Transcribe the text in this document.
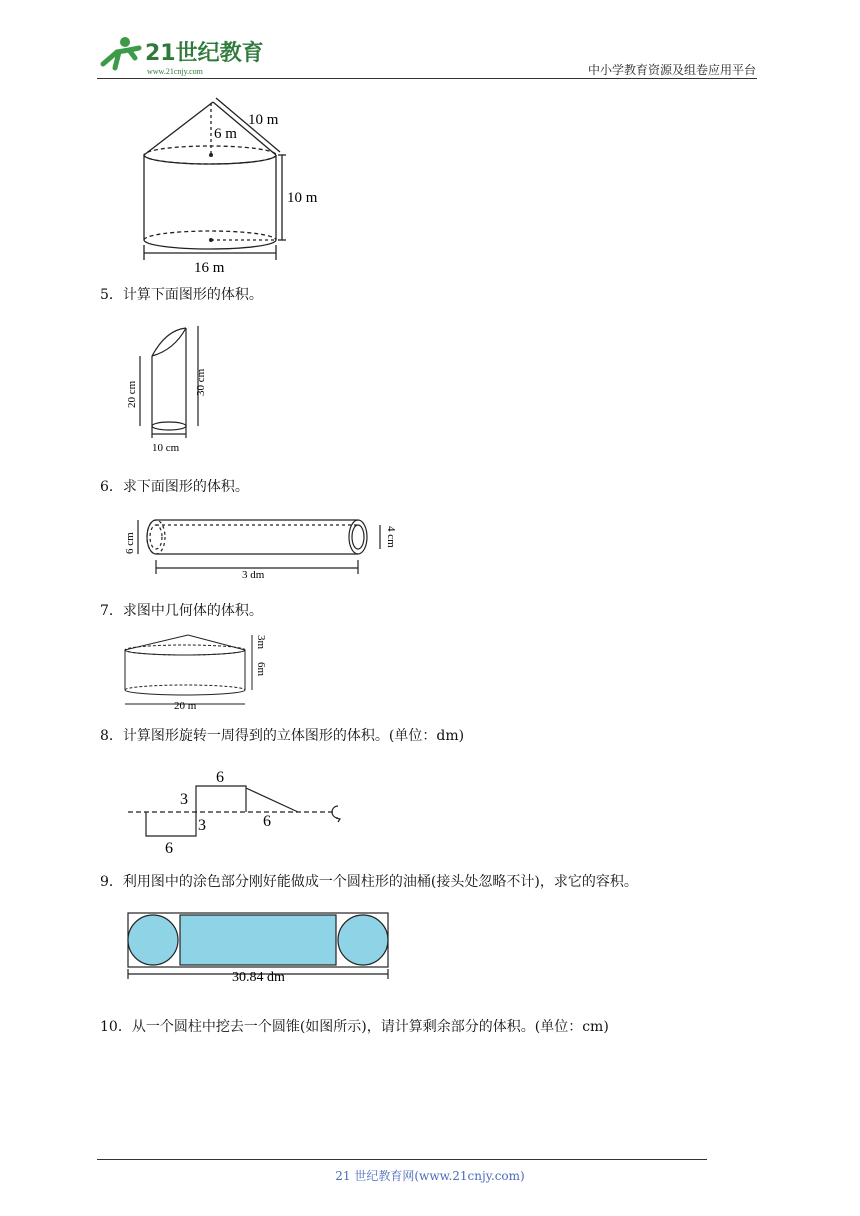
21世纪教育
www.21cnjy.com	中小学教育资源及组卷应用平台
10 m
6 m
10 m
16 m
5．计算下面图形的体积。
20 cm	30 cm
10 cm
6．求下面图形的体积。
6 cm	4 cm
3 dm
7．求图中几何体的体积。
3m
6m
20 m
8．计算图形旋转一周得到的立体图形的体积。(单位：dm)
6
3
3	6
6
9．利用图中的涂色部分刚好能做成一个圆柱形的油桶(接头处忽略不计)，求它的容积。
30.84 dm
10．从一个圆柱中挖去一个圆锥(如图所示)，请计算剩余部分的体积。(单位：cm)
21 世纪教育网(www.21cnjy.com)
